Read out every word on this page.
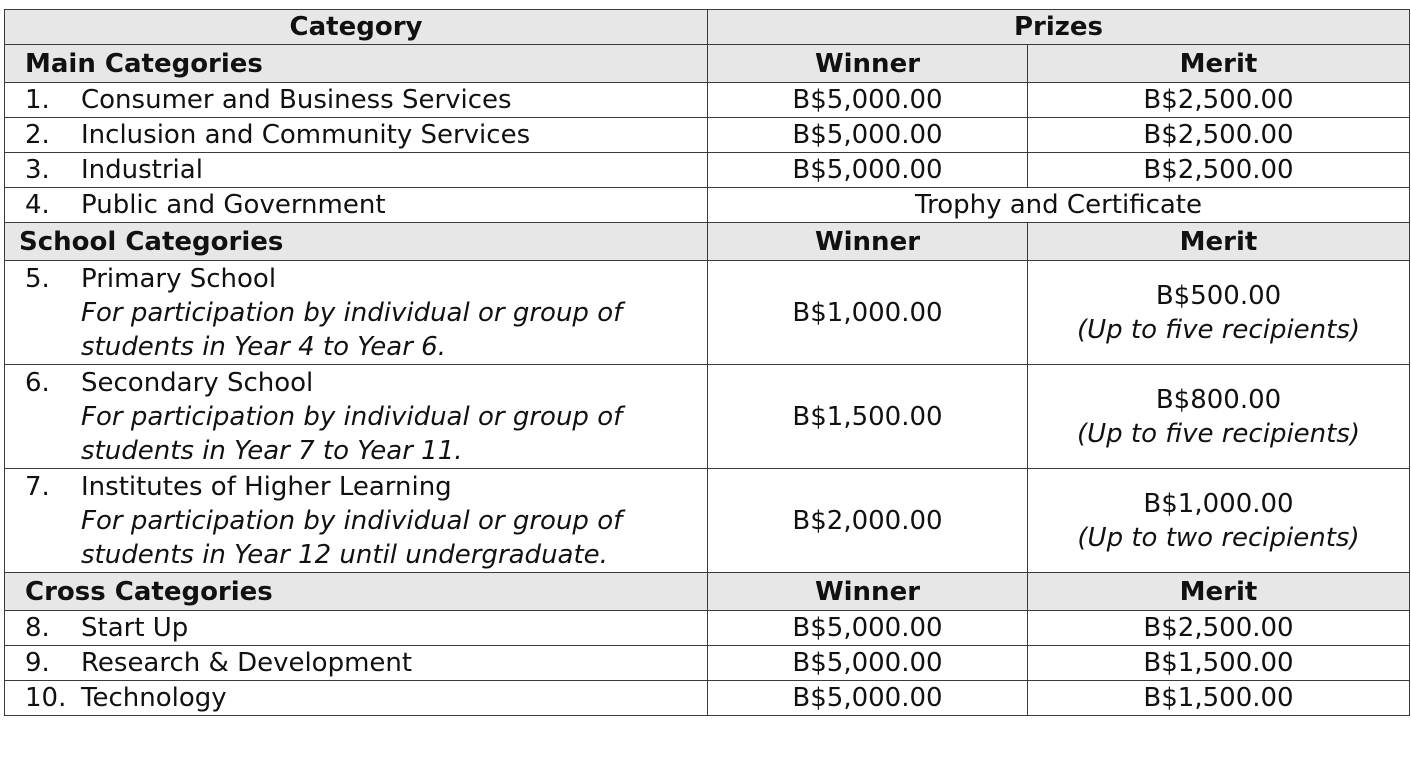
Category	Prizes	
Main Categories	Winner	Merit

1. Consumer and Business Services	B$5,000.00	B$2,500.00

2. Inclusion and Community Services	B$5,000.00	B$2,500.00

3. Industrial	B$5,000.00	B$2,500.00

4. Public and Government	Trophy and Certificate	
School Categories	Winner	Merit

5. Primary School
For participation by individual or group of students in Year 4 to Year 6.	B$1,000.00	B$500.00
(Up to five recipients)

6. Secondary School
For participation by individual or group of students in Year 7 to Year 11.	B$1,500.00	B$800.00
(Up to five recipients)

7. Institutes of Higher Learning
For participation by individual or group of students in Year 12 until undergraduate.	B$2,000.00	B$1,000.00
(Up to two recipients)

Cross Categories	Winner	Merit

8. Start Up	B$5,000.00	B$2,500.00

9. Research & Development	B$5,000.00	B$1,500.00

10. Technology	B$5,000.00	B$1,500.00
